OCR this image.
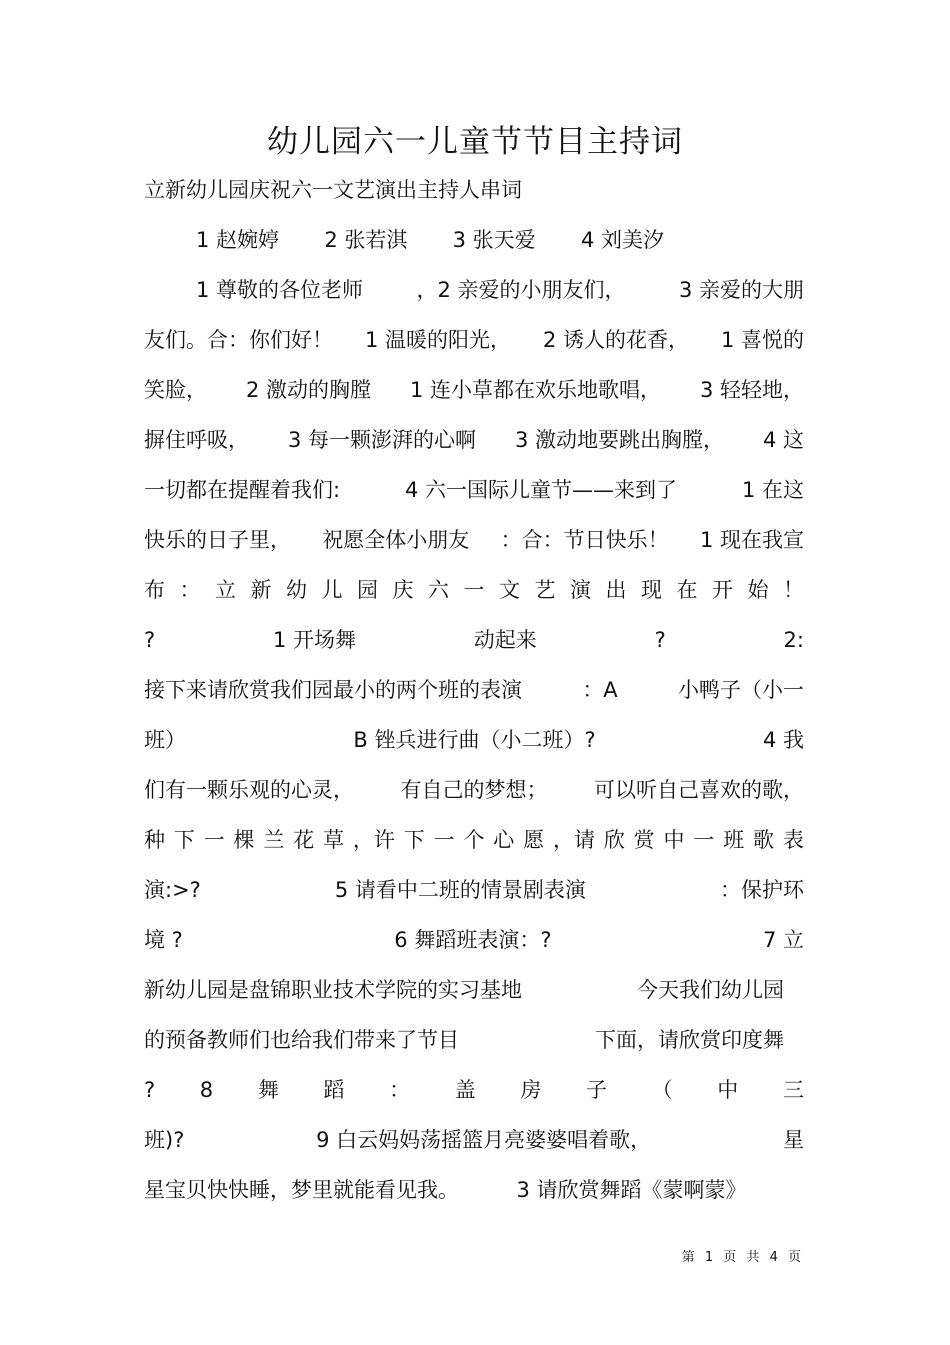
幼儿园六一儿童节节目主持词
立新幼儿园庆祝六一文艺演出主持人串词
1 赵婉婷 2 张若淇 3 张天爱 4 刘美汐
1 尊敬的各位老师	，2 亲爱的小朋友们，	3 亲爱的大朋
友们。合：你们好！ 1 温暖的阳光， 2 诱人的花香， 1 喜悦的
笑脸， 2 激动的胸膛 1 连小草都在欢乐地歌唱， 3 轻轻地，
摒住呼吸， 3 每一颗澎湃的心啊 3 激动地要跳出胸膛， 4 这
一切都在提醒着我们:	4 六一国际儿童节——来到了	1 在这
快乐的日子里， 祝愿全体小朋友 ：合：节日快乐！ 1 现在我宣
布 ： 立 新 幼 儿 园 庆 六 一 文 艺 演 出 现 在 开 始 ！
?	1 开场舞	动起来	?	2:
接下来请欣赏我们园最小的两个班的表演	：A	小鸭子（小一
班）	B 锉兵进行曲（小二班）?	4 我
们有一颗乐观的心灵， 有自己的梦想； 可以听自己喜欢的歌，
种 下 一 棵 兰 花 草 ，许 下 一 个 心 愿 ，请 欣 赏 中 一 班 歌 表
演:>?	5 请看中二班的情景剧表演	：保护环
境 ?	6 舞蹈班表演：?	7 立
新幼儿园是盘锦职业技术学院的实习基地	今天我们幼儿园
的预备教师们也给我们带来了节目	下面，请欣赏印度舞
? 8 舞 蹈 ： 盖 房 子 （ 中 三
班)?	9 白云妈妈荡摇篮月亮婆婆唱着歌，	星
星宝贝快快睡，梦里就能看见我。	3 请欣赏舞蹈《蒙啊蒙》
第 1 页 共 4 页
